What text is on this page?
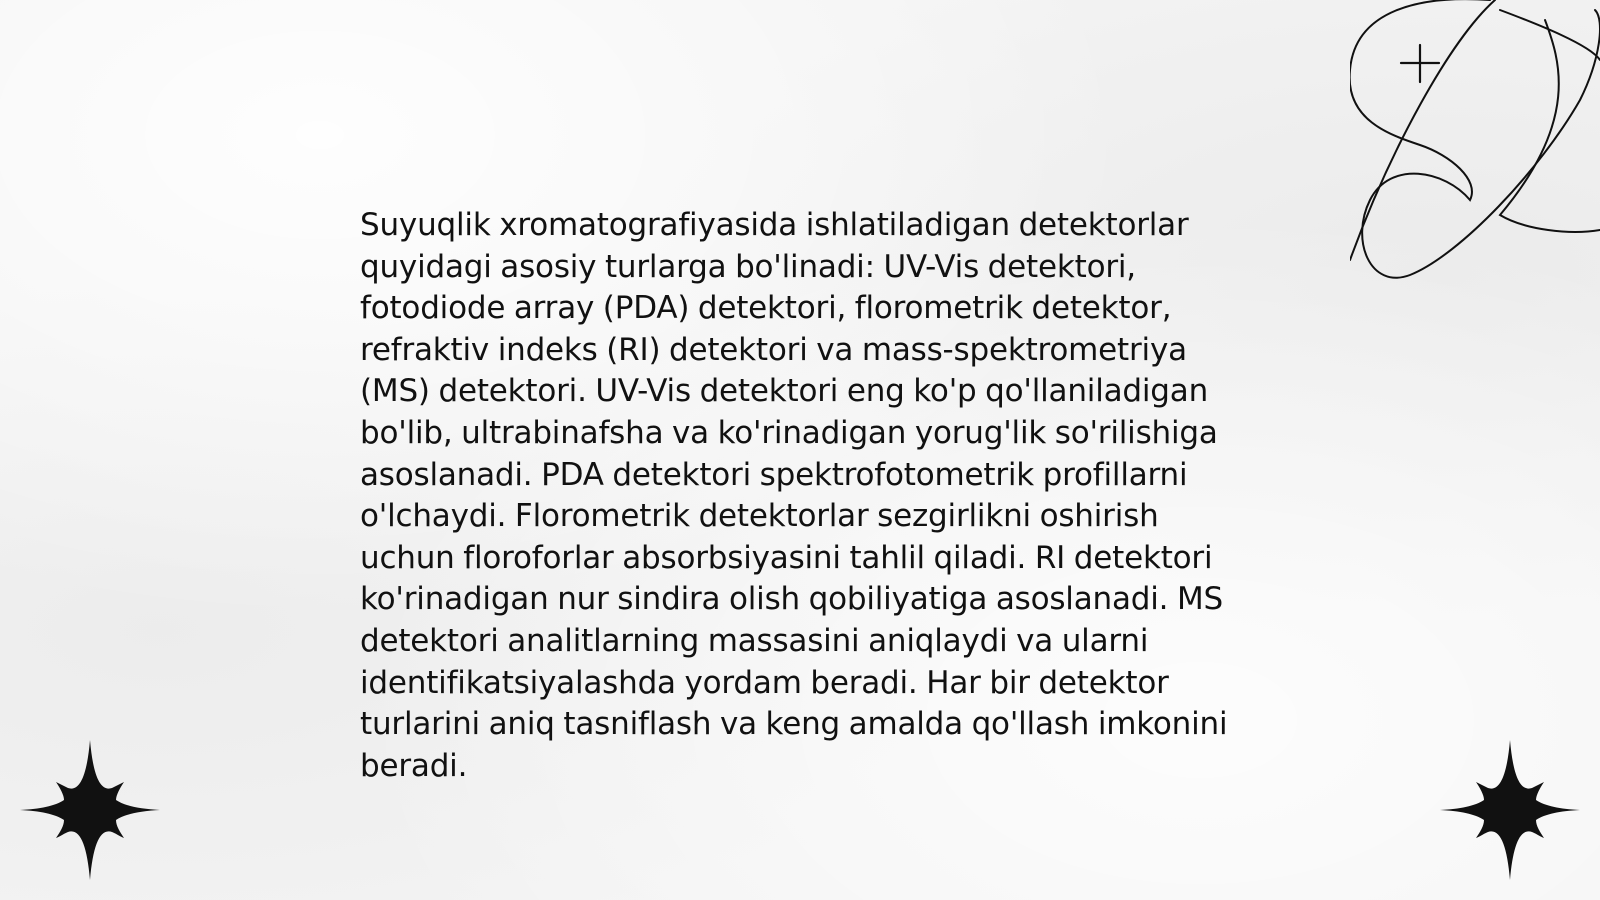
Suyuqlik xromatografiyasida ishlatiladigan detektorlar quyidagi asosiy turlarga bo'linadi: UV-Vis detektori, fotodiode array (PDA) detektori, florometrik detektor, refraktiv indeks (RI) detektori va mass-spektrometriya (MS) detektori. UV-Vis detektori eng ko'p qo'llaniladigan bo'lib, ultrabinafsha va ko'rinadigan yorug'lik so'rilishiga asoslanadi. PDA detektori spektrofotometrik profillarni o'lchaydi. Florometrik detektorlar sezgirlikni oshirish uchun floroforlar absorbsiyasini tahlil qiladi. RI detektori ko'rinadigan nur sindira olish qobiliyatiga asoslanadi. MS detektori analitlarning massasini aniqlaydi va ularni identifikatsiyalashda yordam beradi. Har bir detektor turlarini aniq tasniflash va keng amalda qo'llash imkonini beradi.
